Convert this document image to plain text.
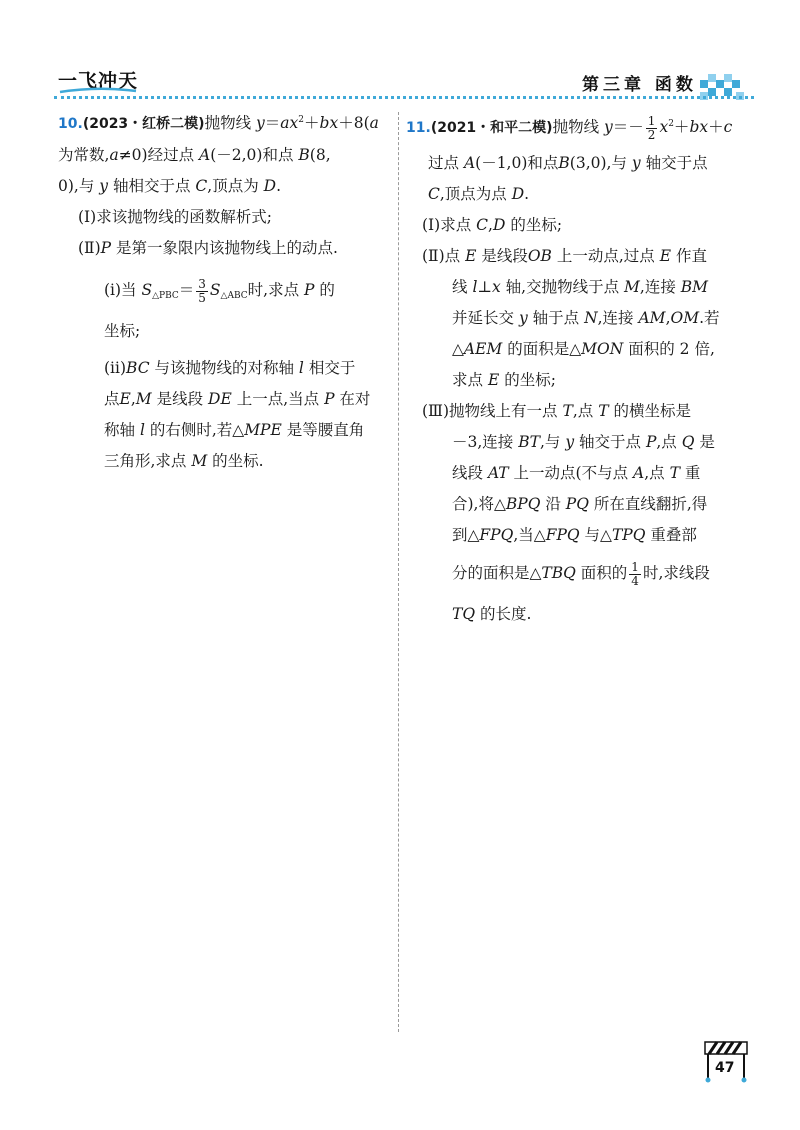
一飞冲天	第三章 函数
10.(2023・红桥二模)抛物线 $y=ax^2+bx+8(a$
为常数,a≠0)经过点 A(－2,0)和点 B(8,
0),与 y 轴相交于点 C,顶点为 D.
(Ⅰ)求该抛物线的函数解析式;
(Ⅱ)P 是第一象限内该抛物线上的动点.
(ⅰ)当 $S_{\triangle PBC}= \frac{3}{5} S_{\triangle ABC}$时,求点 P 的
坐标;
(ⅱ)BC 与该抛物线的对称轴 l 相交于
点E,M 是线段 DE 上一点,当点 P 在对
称轴 l 的右侧时,若△MPE 是等腰直角
三角形,求点 M 的坐标.
11.(2021・和平二模)抛物线 $y=- \frac{1}{2} x^2+bx+c$
过点 A(－1,0)和点B(3,0),与 y 轴交于点
C,顶点为点 D.
(Ⅰ)求点 C,D 的坐标;
(Ⅱ)点 E 是线段OB 上一动点,过点 E 作直
线 l⊥x 轴,交抛物线于点 M,连接 BM
并延长交 y 轴于点 N,连接 AM,OM.若
△AEM 的面积是△MON 面积的 2 倍,
求点 E 的坐标;
(Ⅲ)抛物线上有一点 T,点 T 的横坐标是
－3,连接 BT,与 y 轴交于点 P,点 Q 是
线段 AT 上一动点(不与点 A,点 T 重
合),将△BPQ 沿 PQ 所在直线翻折,得
到△FPQ,当△FPQ 与△TPQ 重叠部
分的面积是△TBQ 面积的 $\frac{1}{4}$ 时,求线段
TQ 的长度.
47
